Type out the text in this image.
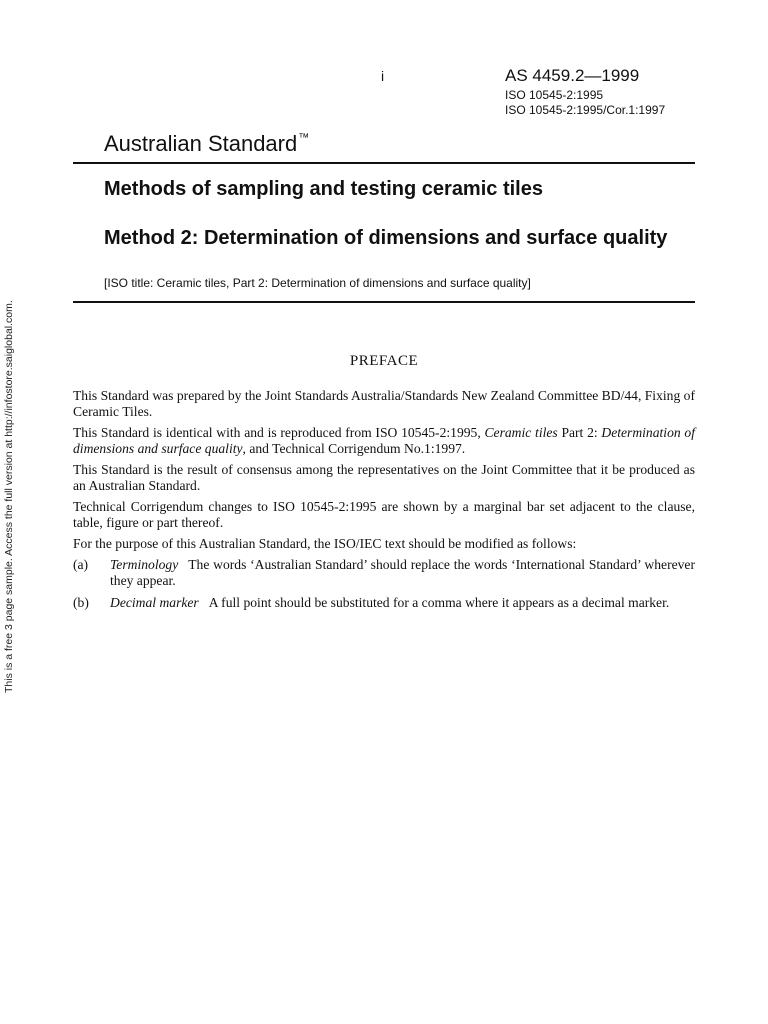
This is a free 3 page sample. Access the full version at http://infostore.saiglobal.com.
i	AS 4459.2—1999
ISO 10545-2:1995
ISO 10545-2:1995/Cor.1:1997
Australian Standard™
Methods of sampling and testing ceramic tiles
Method 2: Determination of dimensions and surface quality
[ISO title: Ceramic tiles, Part 2: Determination of dimensions and surface quality]
PREFACE
This Standard was prepared by the Joint Standards Australia/Standards New Zealand Committee BD/44, Fixing of Ceramic Tiles.
This Standard is identical with and is reproduced from ISO 10545-2:1995, Ceramic tiles Part 2: Determination of dimensions and surface quality, and Technical Corrigendum No.1:1997.
This Standard is the result of consensus among the representatives on the Joint Committee that it be produced as an Australian Standard.
Technical Corrigendum changes to ISO 10545-2:1995 are shown by a marginal bar set adjacent to the clause, table, figure or part thereof.
For the purpose of this Australian Standard, the ISO/IEC text should be modified as follows:
(a) Terminology The words ‘Australian Standard’ should replace the words ‘International Standard’ wherever they appear.
(b) Decimal marker A full point should be substituted for a comma where it appears as a decimal marker.
